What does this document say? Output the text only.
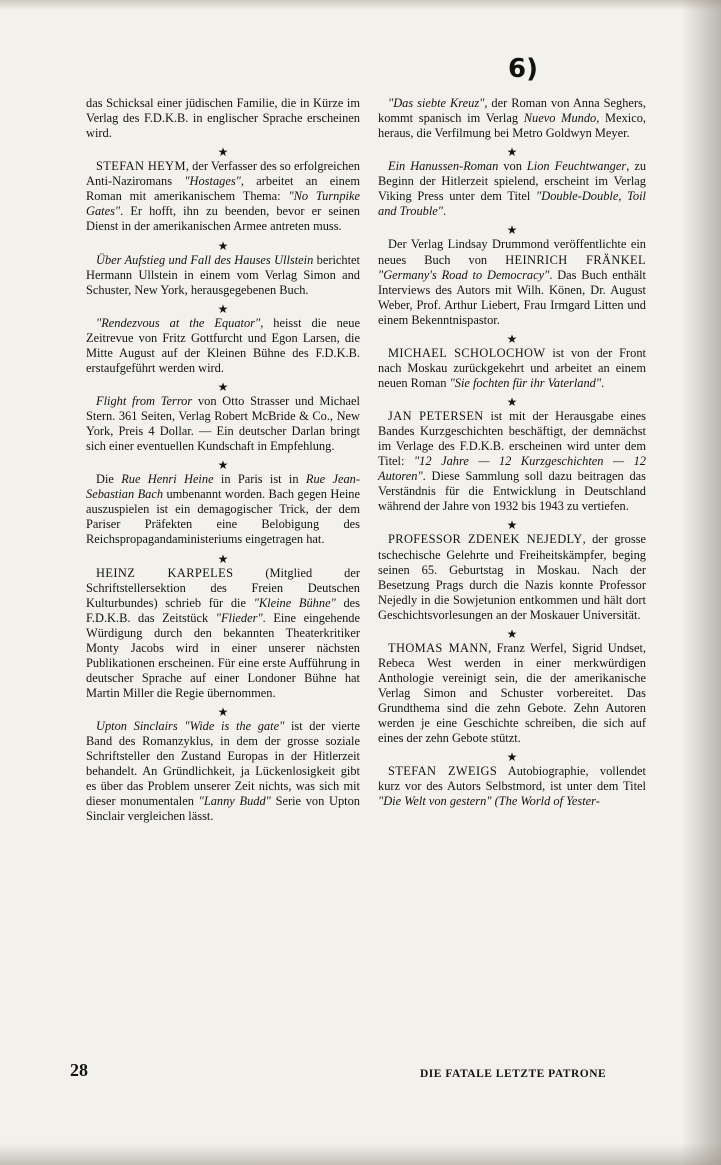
6)

das Schicksal einer jüdischen Familie, die in Kürze im Verlag des F.D.K.B. in englischer Sprache erscheinen wird.

★

STEFAN HEYM, der Verfasser des so erfolgreichen Anti-Naziromans "Hostages", arbeitet an einem Roman mit amerikanischem Thema: "No Turnpike Gates". Er hofft, ihn zu beenden, bevor er seinen Dienst in der amerikanischen Armee antreten muss.

★

Über Aufstieg und Fall des Hauses Ullstein berichtet Hermann Ullstein in einem vom Verlag Simon and Schuster, New York, herausgegebenen Buch.

★

"Rendezvous at the Equator", heisst die neue Zeitrevue von Fritz Gottfurcht und Egon Larsen, die Mitte August auf der Kleinen Bühne des F.D.K.B. erstaufgeführt werden wird.

★

Flight from Terror von Otto Strasser und Michael Stern. 361 Seiten, Verlag Robert McBride & Co., New York, Preis 4 Dollar. — Ein deutscher Darlan bringt sich einer eventuellen Kundschaft in Empfehlung.

★

Die Rue Henri Heine in Paris ist in Rue Jean-Sebastian Bach umbenannt worden. Bach gegen Heine auszuspielen ist ein demagogischer Trick, der dem Pariser Präfekten eine Belobigung des Reichspropagandaministeriums eingetragen hat.

★

HEINZ KARPELES (Mitglied der Schriftstellersektion des Freien Deutschen Kulturbundes) schrieb für die "Kleine Bühne" des F.D.K.B. das Zeitstück "Flieder". Eine eingehende Würdigung durch den bekannten Theaterkritiker Monty Jacobs wird in einer unserer nächsten Publikationen erscheinen. Für eine erste Aufführung in deutscher Sprache auf einer Londoner Bühne hat Martin Miller die Regie übernommen.

★

Upton Sinclairs "Wide is the gate" ist der vierte Band des Romanzyklus, in dem der grosse soziale Schriftsteller den Zustand Europas in der Hitlerzeit behandelt. An Gründlichkeit, ja Lückenlosigkeit gibt es über das Problem unserer Zeit nichts, was sich mit dieser monumentalen "Lanny Budd" Serie von Upton Sinclair vergleichen lässt.

"Das siebte Kreuz", der Roman von Anna Seghers, kommt spanisch im Verlag Nuevo Mundo, Mexico, heraus, die Verfilmung bei Metro Goldwyn Meyer.

★

Ein Hanussen-Roman von Lion Feuchtwanger, zu Beginn der Hitlerzeit spielend, erscheint im Verlag Viking Press unter dem Titel "Double-Double, Toil and Trouble".

★

Der Verlag Lindsay Drummond veröffentlichte ein neues Buch von HEINRICH FRÄNKEL "Germany's Road to Democracy". Das Buch enthält Interviews des Autors mit Wilh. Könen, Dr. August Weber, Prof. Arthur Liebert, Frau Irmgard Litten und einem Bekenntnispastor.

★

MICHAEL SCHOLOCHOW ist von der Front nach Moskau zurückgekehrt und arbeitet an einem neuen Roman "Sie fochten für ihr Vaterland".

★

JAN PETERSEN ist mit der Herausgabe eines Bandes Kurzgeschichten beschäftigt, der demnächst im Verlage des F.D.K.B. erscheinen wird unter dem Titel: "12 Jahre — 12 Kurzgeschichten — 12 Autoren". Diese Sammlung soll dazu beitragen das Verständnis für die Entwicklung in Deutschland während der Jahre von 1932 bis 1943 zu vertiefen.

★

PROFESSOR ZDENEK NEJEDLY, der grosse tschechische Gelehrte und Freiheitskämpfer, beging seinen 65. Geburtstag in Moskau. Nach der Besetzung Prags durch die Nazis konnte Professor Nejedly in die Sowjetunion entkommen und hält dort Geschichtsvorlesungen an der Moskauer Universität.

★

THOMAS MANN, Franz Werfel, Sigrid Undset, Rebeca West werden in einer merkwürdigen Anthologie vereinigt sein, die der amerikanische Verlag Simon and Schuster vorbereitet. Das Grundthema sind die zehn Gebote. Zehn Autoren werden je eine Geschichte schreiben, die sich auf eines der zehn Gebote stützt.

★

STEFAN ZWEIGS Autobiographie, vollendet kurz vor des Autors Selbstmord, ist unter dem Titel "Die Welt von gestern" (The World of Yester-

28	DIE FATALE LETZTE PATRONE
